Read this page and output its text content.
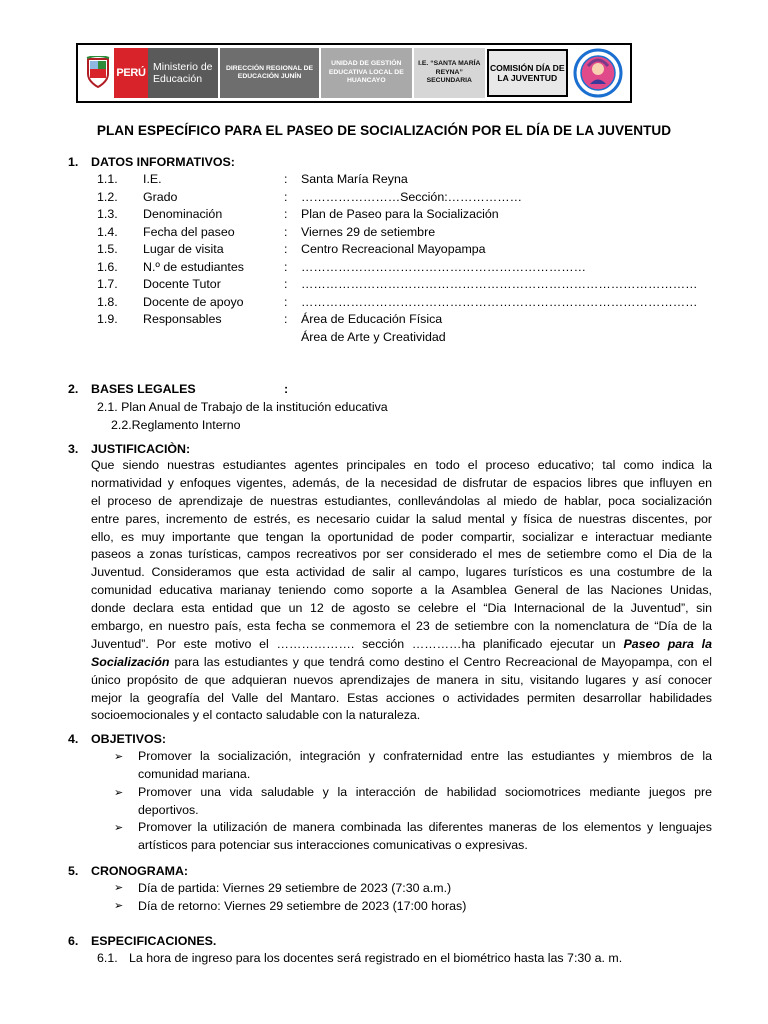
PERÚ Ministerio de Educación
DIRECCIÓN REGIONAL DE EDUCACIÓN JUNÍN
UNIDAD DE GESTIÓN EDUCATIVA LOCAL DE HUANCAYO
I.E. “SANTA MARÍA REYNA” SECUNDARIA
COMISIÓN DÍA DE LA JUVENTUD
PLAN ESPECÍFICO PARA EL PASEO DE SOCIALIZACIÓN POR EL DÍA DE LA JUVENTUD
1. DATOS INFORMATIVOS:
1.1. I.E.	: Santa María Reyna
1.2. Grado	: ……………………Sección:………………
1.3. Denominación	: Plan de Paseo para la Socialización
1.4. Fecha del paseo	: Viernes 29 de setiembre
1.5. Lugar de visita	: Centro Recreacional Mayopampa
1.6. N.º de estudiantes	: ……………………………………………………………
1.7. Docente Tutor	: ……………………………………………………………………………………
1.8. Docente de apoyo	: ……………………………………………………………………………………
1.9. Responsables	: Área de Educación Física
Área de Arte y Creatividad
2. BASES LEGALES	:
2.1. Plan Anual de Trabajo de la institución educativa
2.2.Reglamento Interno
3. JUSTIFICACIÒN:
Que siendo nuestras estudiantes agentes principales en todo el proceso educativo; tal como indica la
normatividad y enfoques vigentes, además, de la necesidad de disfrutar de espacios libres que influyen en
el proceso de aprendizaje de nuestras estudiantes, conllevándolas al miedo de hablar, poca socialización
entre pares, incremento de estrés, es necesario cuidar la salud mental y física de nuestras discentes, por
ello, es muy importante que tengan la oportunidad de poder compartir, socializar e interactuar mediante
paseos a zonas turísticas, campos recreativos por ser considerado el mes de setiembre como el Dia de la
Juventud. Consideramos que esta actividad de salir al campo, lugares turísticos es una costumbre de la
comunidad educativa marianay teniendo como soporte a la Asamblea General de las Naciones Unidas,
donde declara esta entidad que un 12 de agosto se celebre el “Dia Internacional de la Juventud”, sin
embargo, en nuestro país, esta fecha se conmemora el 23 de setiembre con la nomenclatura de “Día de la
Juventud”. Por este motivo el ………………. sección …………ha planificado ejecutar un Paseo para la
Socialización para las estudiantes y que tendrá como destino el Centro Recreacional de Mayopampa, con el
único propósito de que adquieran nuevos aprendizajes de manera in situ, visitando lugares y así conocer
mejor la geografía del Valle del Mantaro. Estas acciones o actividades permiten desarrollar habilidades
socioemocionales y el contacto saludable con la naturaleza.
4. OBJETIVOS:
➢ Promover la socialización, integración y confraternidad entre las estudiantes y miembros de la
comunidad mariana.
➢ Promover una vida saludable y la interacción de habilidad sociomotrices mediante juegos pre
deportivos.
➢ Promover la utilización de manera combinada las diferentes maneras de los elementos y lenguajes
artísticos para potenciar sus interacciones comunicativas o expresivas.
5. CRONOGRAMA:
➢ Día de partida: Viernes 29 setiembre de 2023 (7:30 a.m.)
➢ Día de retorno: Viernes 29 setiembre de 2023 (17:00 horas)
6. ESPECIFICACIONES.
6.1. La hora de ingreso para los docentes será registrado en el biométrico hasta las 7:30 a. m.
